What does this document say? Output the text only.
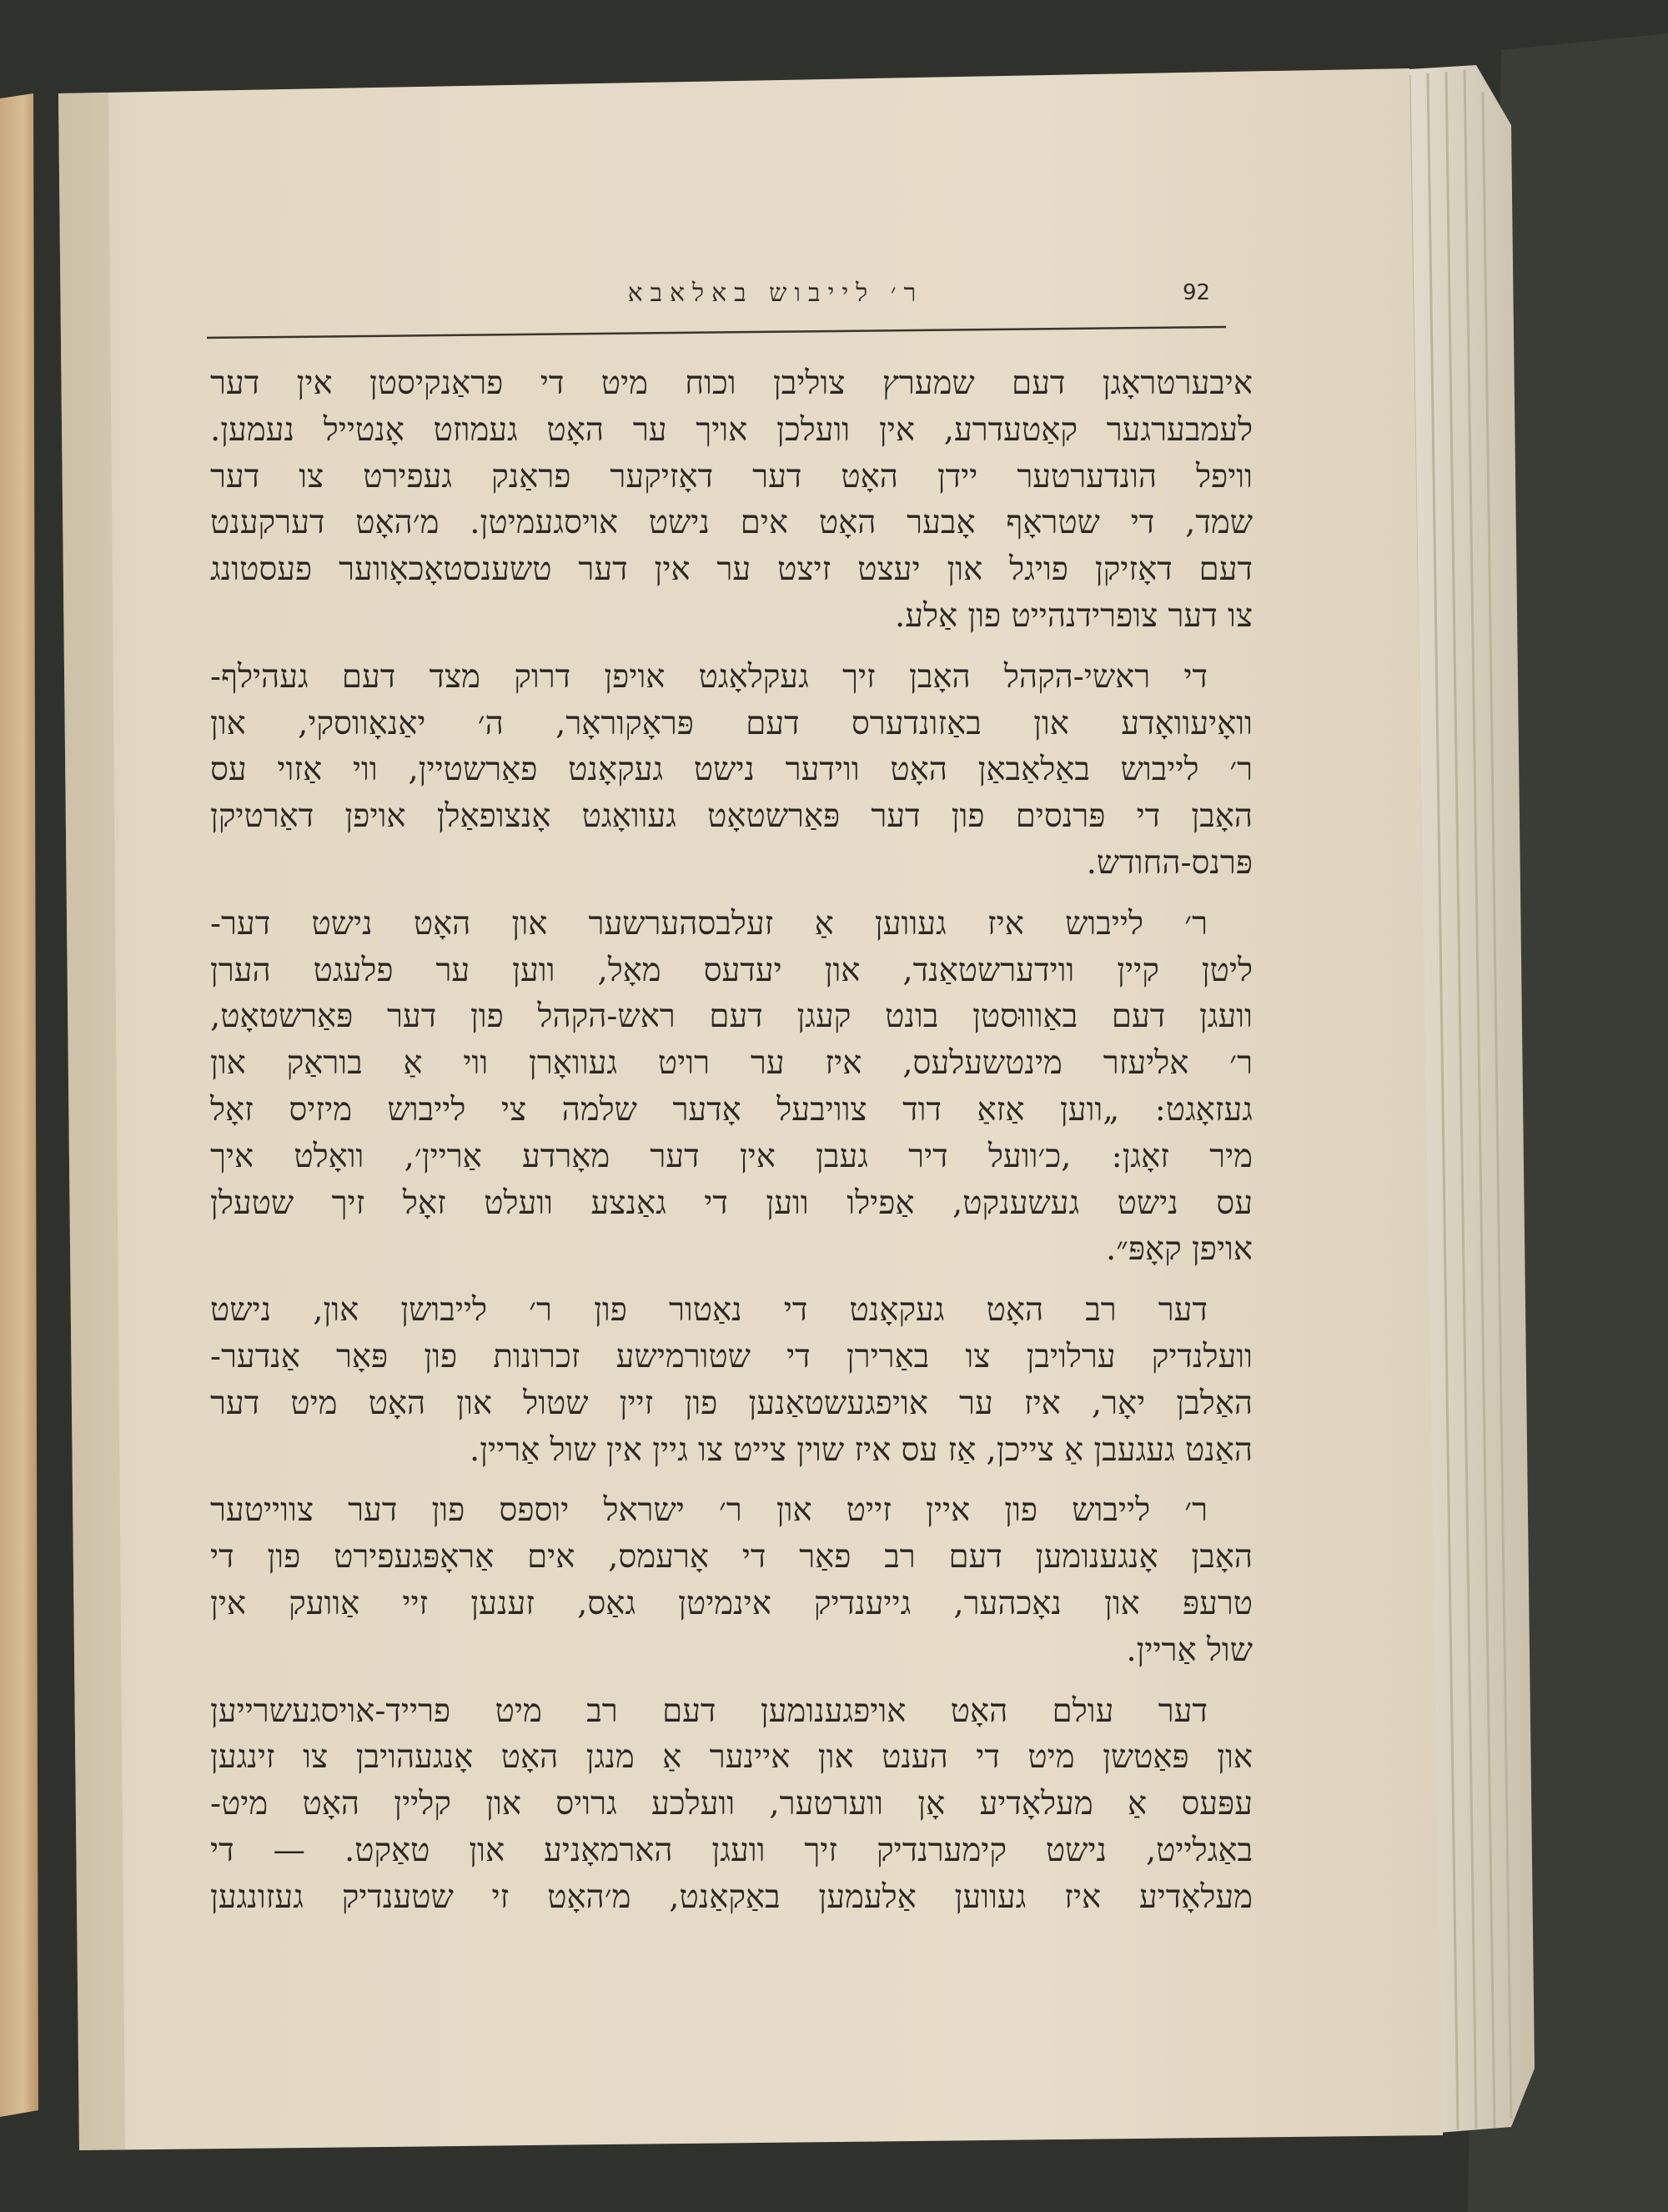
92
ר׳ לייבוש באלאבא

איבערטראָגן דעם שמערץ צוליבן וכוח מיט די פראַנקיסטן אין דער
לעמבערגער קאַטעדרע, אין וועלכן אויך ער האָט געמוזט אָנטייל נעמען.
וויפל הונדערטער יידן האָט דער דאָזיקער פראַנק געפירט צו דער
שמד, די שטראָף אָבער האָט אים נישט אויסגעמיטן. מ׳האָט דערקענט
דעם דאָזיקן פויגל און יעצט זיצט ער אין דער טשענסטאָכאָווער פעסטונג
צו דער צופרידנהייט פון אַלע.

די ראשי-הקהל האָבן זיך געקלאָגט אויפן דרוק מצד דעם געהילף-
וואָיעוואָדע און באַזונדערס דעם פּראָקוראָר, ה׳ יאַנאָווסקי, און
ר׳ לייבוש באַלאַבאַן האָט ווידער נישט געקאָנט פאַרשטיין, ווי אַזוי עס
האָבן די פּרנסים פון דער פּאַרשטאָט געוואָגט אָנצופאַלן אויפן דאַרטיקן
פּרנס-החודש.

ר׳ לייבוש איז געווען אַ זעלבסהערשער און האָט נישט דער-
ליטן קיין ווידערשטאַנד, און יעדעס מאָל, ווען ער פלעגט הערן
וועגן דעם באַוווּסטן בונט קעגן דעם ראש-הקהל פון דער פּאַרשטאָט,
ר׳ אליעזר מינטשעלעס, איז ער רויט געוואָרן ווי אַ בוראַק און
געזאָגט: „ווען אַזאַ דוד צוויבעל אָדער שלמה צי לייבוש מיזיס זאָל
מיר זאָגן: ,כ׳וועל דיר געבן אין דער מאָרדע אַריין׳, וואָלט איך
עס נישט געשענקט, אַפילו ווען די גאַנצע וועלט זאָל זיך שטעלן
אויפן קאָפּ״.

דער רב האָט געקאָנט די נאַטור פון ר׳ לייבושן און, נישט
וועלנדיק ערלויבן צו באַרירן די שטורמישע זכרונות פון פּאָר אַנדער-
האַלבן יאָר, איז ער אויפגעשטאַנען פון זיין שטול און האָט מיט דער
האַנט געגעבן אַ צייכן, אַז עס איז שוין צייט צו גיין אין שול אַריין.

ר׳ לייבוש פון איין זייט און ר׳ ישראל יוספס פון דער צווייטער
האָבן אָנגענומען דעם רב פאַר די אָרעמס, אים אַראָפּגעפירט פון די
טרעפּ און נאָכהער, גייענדיק אינמיטן גאַס, זענען זיי אַוועק אין
שול אַריין.

דער עולם האָט אויפגענומען דעם רב מיט פרייד-אויסגעשרייען
און פּאַטשן מיט די הענט און איינער אַ מנגן האָט אָנגעהויבן צו זינגען
עפּעס אַ מעלאָדיע אָן ווערטער, וועלכע גרויס און קליין האָט מיט-
באַגלייט, נישט קימערנדיק זיך וועגן הארמאָניע און טאַקט. — די
מעלאָדיע איז געווען אַלעמען באַקאַנט, מ׳האָט זי שטענדיק געזונגען
